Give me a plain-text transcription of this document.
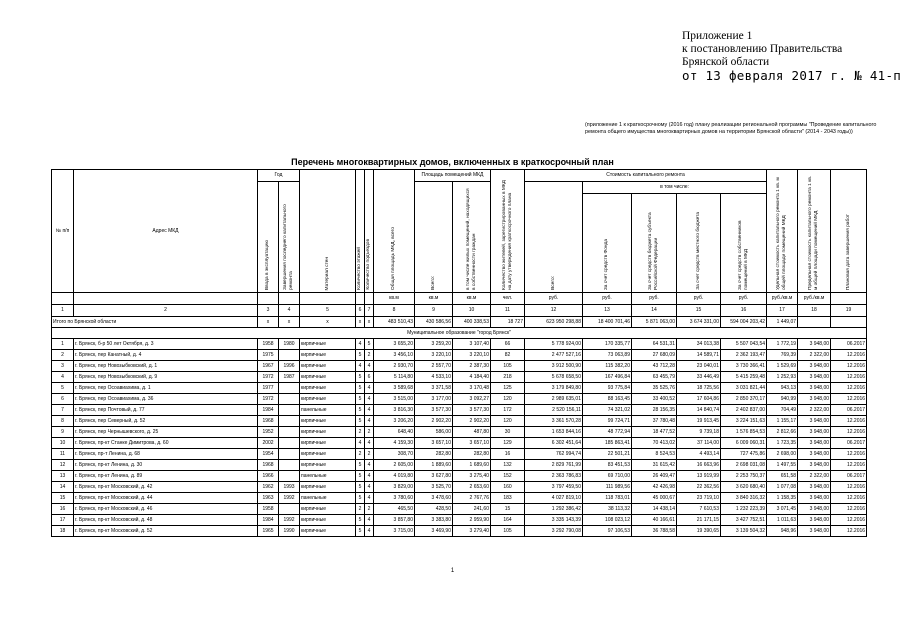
Приложение 1
к постановлению Правительства
Брянской области
от 13 февраля 2017 г. № 41-п
(приложение 1 к краткосрочному (2016 год) плану реализации региональной программы "Проведение капитального ремонта общего имущества многоквартирных домов на территории Брянской области" (2014 - 2043 годы))
Перечень многоквартирных домов, включенных в краткосрочный план
№ п/п	Адрес МКД	Год		Материал стен	Количество этажей	Количество подъездов	Общая площадь МКД, всего	Площадь помещений МКД		Количество жителей, зарегистрированных в МКД на дату утверждения краткосрочного плана	Стоимость капитального ремонта					Удельная стоимость капитального ремонта 1 кв. м общей площади помещений МКД	Предельная стоимость капитального ремонта 1 кв. м общей площади помещений МКД	Плановая дата завершения работ

		Ввода в эксплуатацию	Завершения последнего капитального ремонта					Всего:	в том числе жилых помещений, находящихся в собственности граждан		Всего:	в том числе:						

												За счет средств Фонда	За счет средств бюджета субъекта Российской Федерации	За счет средств местного бюджета	За счет средств собственников помещений в МКД			

							кв.м	кв.м	кв.м	чел.	руб.	руб.	руб.	руб.	руб.	руб./кв.м	руб./кв.м	
1	2	3	4	5	6	7	8	9	10	11	12	13	14	15	16	17	18	19
Итого по Брянской области		x	x	x	x	x	483 510,43	430 586,56	400 338,53	18 727	623 950 298,88	18 400 701,46	5 871 063,00	3 674 331,00	594 004 203,42	1 449,07		
Муниципальное образование "город Брянск"																		
1	г. Брянск, б-р 50 лет Октября, д. 3	1958	1980	кирпичные	4	5	3 655,20	3 259,20	3 107,40	66	5 778 924,00	170 335,77	64 531,31	34 013,38	5 507 043,54	1 772,19	3 948,00	06.2017
2	г. Брянск, пер Канатный, д. 4	1975		кирпичные	5	2	3 456,10	3 220,10	3 220,10	82	2 477 527,16	73 063,89	27 680,09	14 589,71	2 362 193,47	769,39	2 322,00	12.2016
3	г. Брянск, пер Новозыбковский, д. 1	1967	1996	кирпичные	4	4	2 930,70	2 557,70	2 387,30	105	3 912 500,90	115 382,20	43 712,28	23 040,01	3 730 366,41	1 529,69	3 948,00	12.2016
4	г. Брянск, пер Новозыбковский, д. 9	1972	1987	кирпичные	5	6	5 114,80	4 533,10	4 184,40	218	5 678 658,50	167 496,84	63 455,79	33 446,49	5 415 259,48	1 252,93	3 948,00	12.2016
5	г. Брянск, пер Осоавиахима, д. 1	1977		кирпичные	5	4	3 589,68	3 371,58	3 170,48	125	3 179 849,80	93 775,84	35 525,76	18 725,56	3 031 821,44	943,13	3 948,00	12.2016
6	г. Брянск, пер Осоавиахима, д. 36	1972		кирпичные	5	4	3 515,00	3 177,00	3 092,27	120	2 989 635,01	88 163,45	33 400,52	17 604,86	2 850 370,17	940,99	3 948,00	12.2016
7	г. Брянск, пер Почтовый, д. 77	1984		панельные	5	4	3 816,30	3 577,30	3 577,30	172	2 520 156,11	74 321,02	28 156,35	14 840,74	2 402 837,00	704,49	2 322,00	06.2017
8	г. Брянск, пер Северный, д. 52	1968		кирпичные	5	4	3 206,20	2 902,20	2 902,20	120	3 361 570,28	99 724,71	37 780,48	19 913,45	3 224 151,63	1 155,17	3 948,00	12.2016
9	г. Брянск, пер Чернышевского, д. 25	1952		кирпичные	2	2	648,40	586,00	487,80	30	1 653 844,16	48 772,94	18 477,52	9 739,18	1 576 854,53	2 812,66	3 948,00	12.2016
10	г. Брянск, пр-кт Станке Димитрова, д. 60	2002		кирпичные	4	4	4 159,30	3 657,10	3 657,10	129	6 302 451,64	185 863,41	70 413,02	37 114,00	6 009 060,31	1 723,35	3 948,00	06.2017
11	г. Брянск, пр-т Ленина, д. 68	1954		кирпичные	2	2	308,70	282,80	282,80	16	762 994,74	22 501,21	8 524,53	4 493,14	727 475,86	2 698,00	3 948,00	12.2016
12	г. Брянск, пр-кт Ленина, д. 30	1968		кирпичные	5	4	2 605,00	1 889,60	1 689,60	132	2 829 761,99	83 451,53	31 615,42	16 663,96	2 698 031,08	1 497,55	3 948,00	12.2016
13	г. Брянск, пр-кт Ленина, д. 89	1966		панельные	5	4	4 019,80	3 627,80	3 275,40	152	2 363 786,83	69 710,00	26 409,47	13 919,99	2 253 750,37	651,58	2 322,00	06.2017
14	г. Брянск, пр-кт Московский, д. 42	1962	1993	кирпичные	5	4	3 829,00	3 525,70	2 653,60	160	3 797 459,50	111 989,56	42 426,98	22 362,56	3 620 680,40	1 077,08	3 948,00	12.2016
15	г. Брянск, пр-кт Московский, д. 44	1963	1992	панельные	5	4	3 780,60	3 478,60	2 767,76	183	4 027 819,10	118 783,01	45 000,67	23 719,10	3 840 316,32	1 158,35	3 948,00	12.2016
16	г. Брянск, пр-кт Московский, д. 46	1958		кирпичные	2	2	465,50	428,50	241,60	15	1 292 386,42	38 113,32	14 438,14	7 610,53	1 232 223,39	3 071,45	3 948,00	12.2016
17	г. Брянск, пр-кт Московский, д. 48	1984	1992	кирпичные	5	4	3 857,80	3 383,80	2 959,90	164	3 335 143,39	108 023,12	40 166,61	21 171,15	3 427 752,51	1 011,63	3 948,00	12.2016
18	г. Брянск, пр-кт Московский, д. 52	1965	1990	кирпичные	5	4	3 715,00	3 469,90	3 279,40	105	3 292 790,08	97 106,53	36 788,58	19 390,65	3 139 504,32	948,96	3 948,00	12.2016
1
